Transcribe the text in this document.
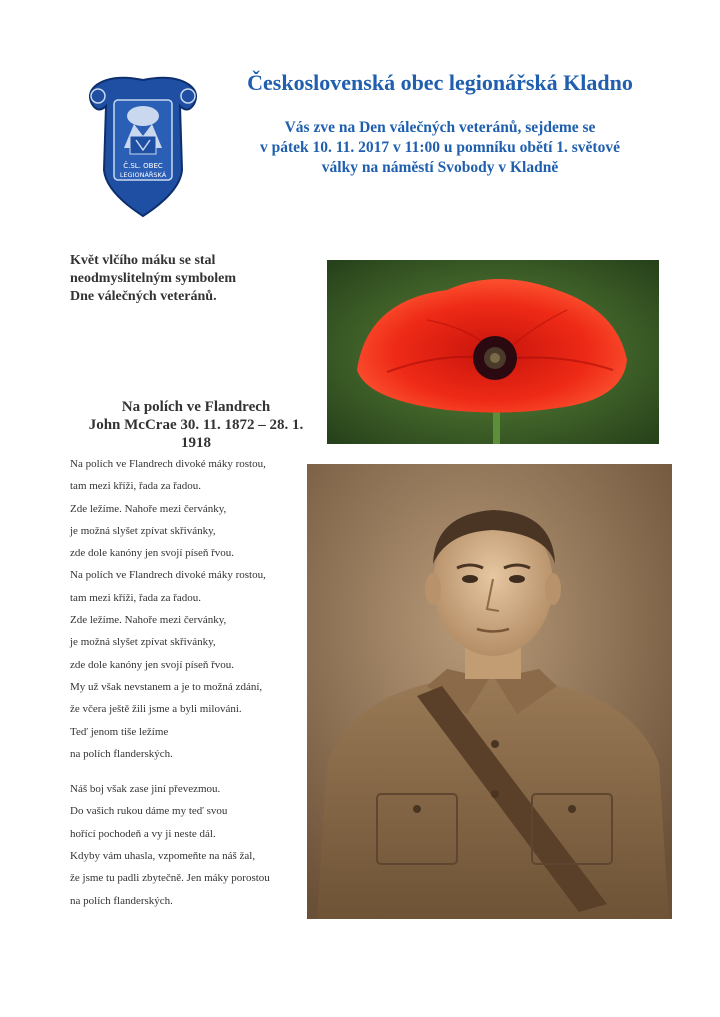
Č.SL. OBEC
LEGIONÁŘSKÁ
Československá obec legionářská Kladno
Vás zve na Den válečných veteránů, sejdeme se
v pátek 10. 11. 2017 v 11:00 u pomníku obětí 1. světové
války na náměstí Svobody v Kladně
Květ vlčího máku se stal
neodmyslitelným symbolem
Dne válečných veteránů.
Na polích ve Flandrech
John McCrae 30. 11. 1872 – 28. 1.
1918
Na polích ve Flandrech divoké máky rostou,
tam mezi kříži, řada za řadou.
Zde ležíme. Nahoře mezi červánky,
je možná slyšet zpívat skřivánky,
zde dole kanóny jen svojí píseň řvou.
Na polích ve Flandrech divoké máky rostou,
tam mezi kříži, řada za řadou.
Zde ležíme. Nahoře mezi červánky,
je možná slyšet zpívat skřivánky,
zde dole kanóny jen svojí píseň řvou.
My už však nevstanem a je to možná zdání,
že včera ještě žili jsme a byli milováni.
Teď jenom tiše ležíme
na polích flanderských.
Náš boj však zase jiní převezmou.
Do vašich rukou dáme my teď svou
hořící pochodeň a vy ji neste dál.
Kdyby vám uhasla, vzpomeňte na náš žal,
že jsme tu padli zbytečně. Jen máky porostou
na polích flanderských.
